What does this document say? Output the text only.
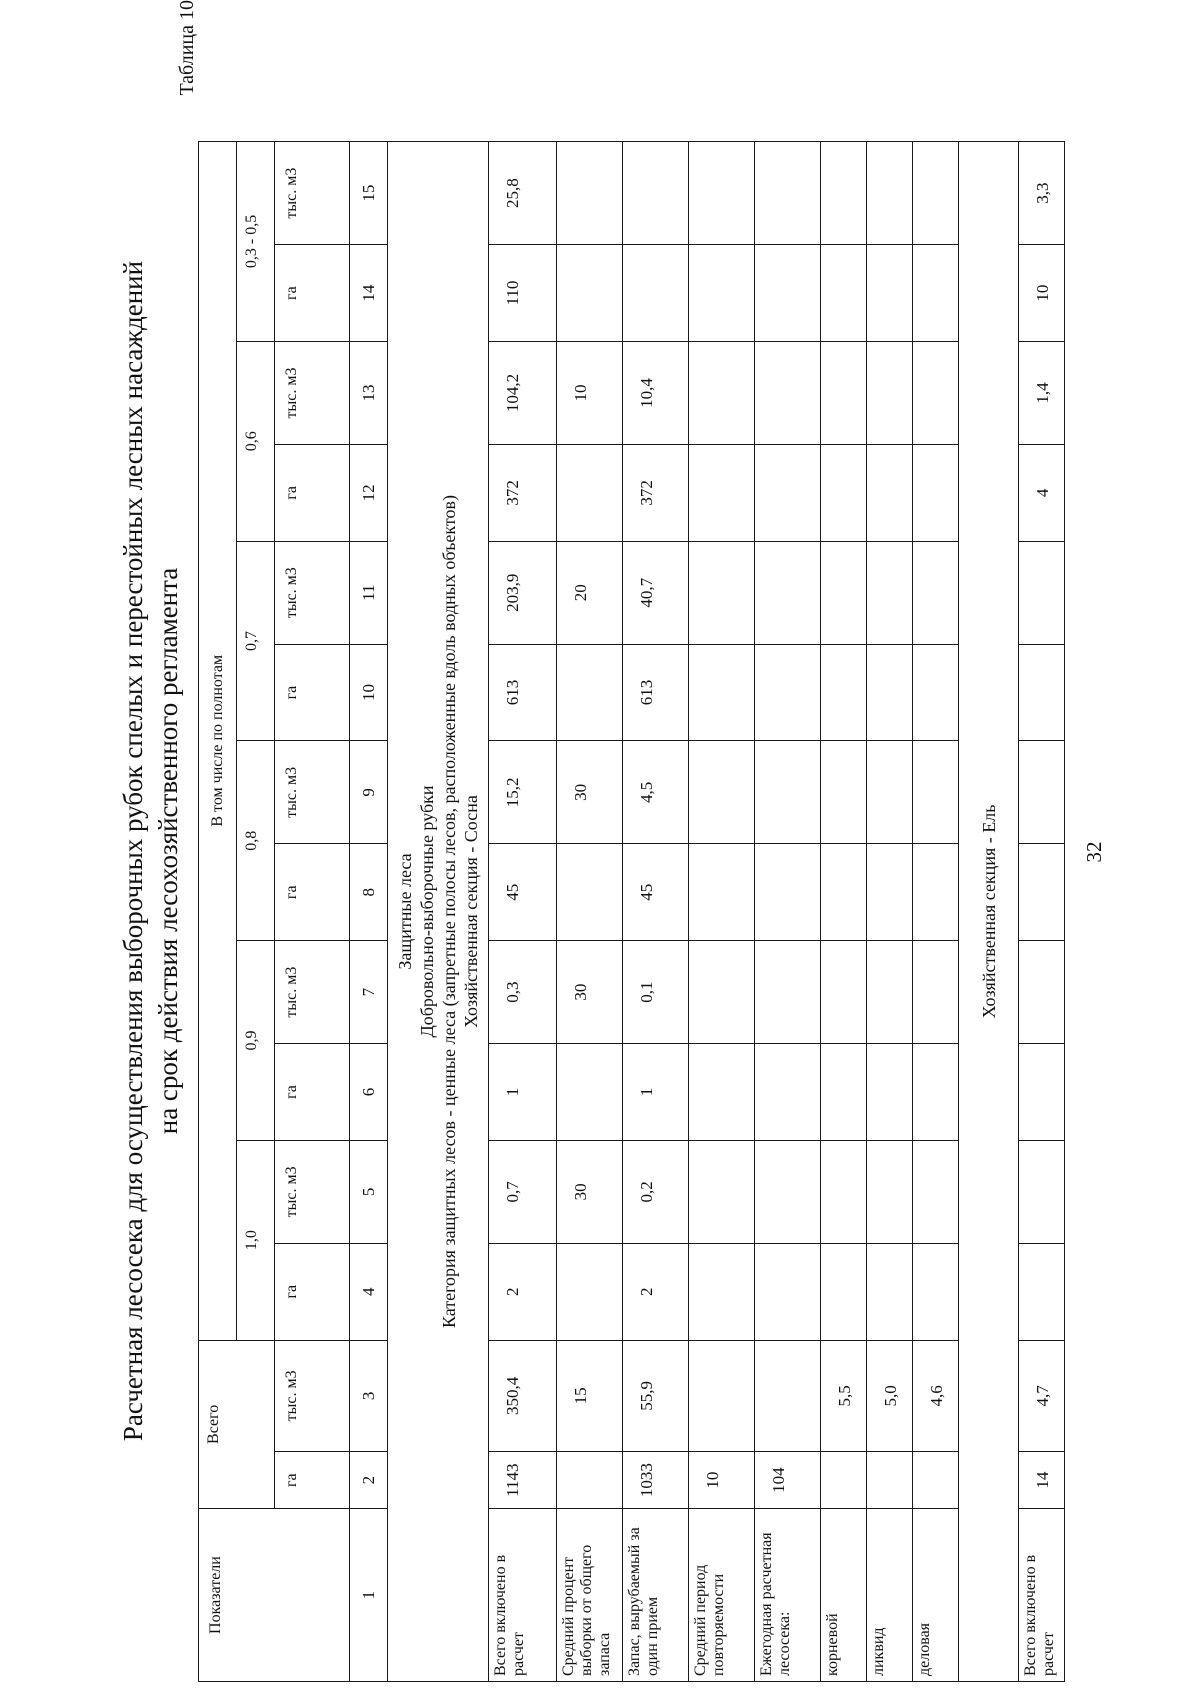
Расчетная лесосека для осуществления выборочных рубок спелых и перестойных лесных насаждений на срок действия лесохозяйственного регламента
Таблица 10
Показатели	Всего		В том числе по полнотам											
			1,0		0,9		0,8		0,7		0,6		0,3 - 0,5	
	га	тыс. м3	га	тыс. м3	га	тыс. м3	га	тыс. м3	га	тыс. м3	га	тыс. м3	га	тыс. м3
1	2	3	4	5	6	7	8	9	10	11	12	13	14	15

Защитные леса Добровольно-выборочные рубки Категория защитных лесов - ценные леса (запретные полосы лесов, расположенные вдоль водных объектов) Хозяйственная секция - Сосна														

Всего включено в расчет	1143	350,4	2	0,7	1	0,3	45	15,2	613	203,9	372	104,2	110	25,8
Средний процент выборки от общего запаса		15		30		30		30		20		10		
Запас, вырубаемый за один прием	1033	55,9	2	0,2	1	0,1	45	4,5	613	40,7	372	10,4		
Средний период повторяемости	10													
Ежегодная расчетная лесосека:	104													
корневой		5,5												
ликвид		5,0												
деловая		4,6												
Хозяйственная секция - Ель														
Всего включено в расчет	14	4,7									4	1,4	10	3,3
32
